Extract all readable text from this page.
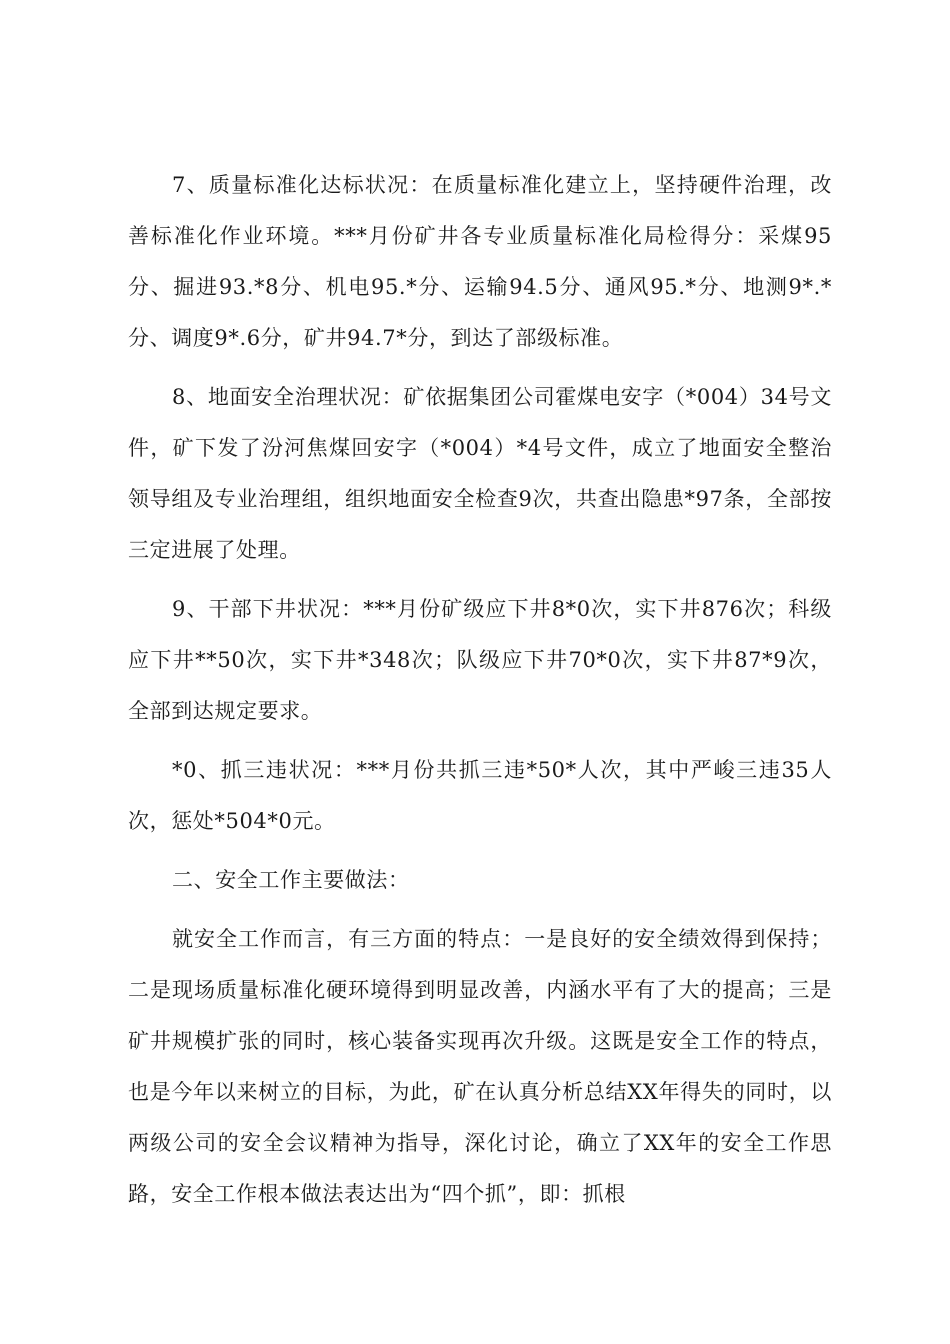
7、质量标准化达标状况：在质量标准化建立上，坚持硬件治理，改善标准化作业环境。***月份矿井各专业质量标准化局检得分：采煤95分、掘进93.*8分、机电95.*分、运输94.5分、通风95.*分、地测9*.*分、调度9*.6分，矿井94.7*分，到达了部级标准。

8、地面安全治理状况：矿依据集团公司霍煤电安字（*004）34号文件，矿下发了汾河焦煤回安字（*004）*4号文件，成立了地面安全整治领导组及专业治理组，组织地面安全检查9次，共查出隐患*97条，全部按三定进展了处理。

9、干部下井状况：***月份矿级应下井8*0次，实下井876次；科级应下井**50次，实下井*348次；队级应下井70*0次，实下井87*9次，全部到达规定要求。

*0、抓三违状况：***月份共抓三违*50*人次，其中严峻三违35人次，惩处*504*0元。

二、安全工作主要做法：

就安全工作而言，有三方面的特点：一是良好的安全绩效得到保持；二是现场质量标准化硬环境得到明显改善，内涵水平有了大的提高；三是矿井规模扩张的同时，核心装备实现再次升级。这既是安全工作的特点，也是今年以来树立的目标，为此，矿在认真分析总结XX年得失的同时，以两级公司的安全会议精神为指导，深化讨论，确立了XX年的安全工作思路，安全工作根本做法表达出为“四个抓”，即：抓根
